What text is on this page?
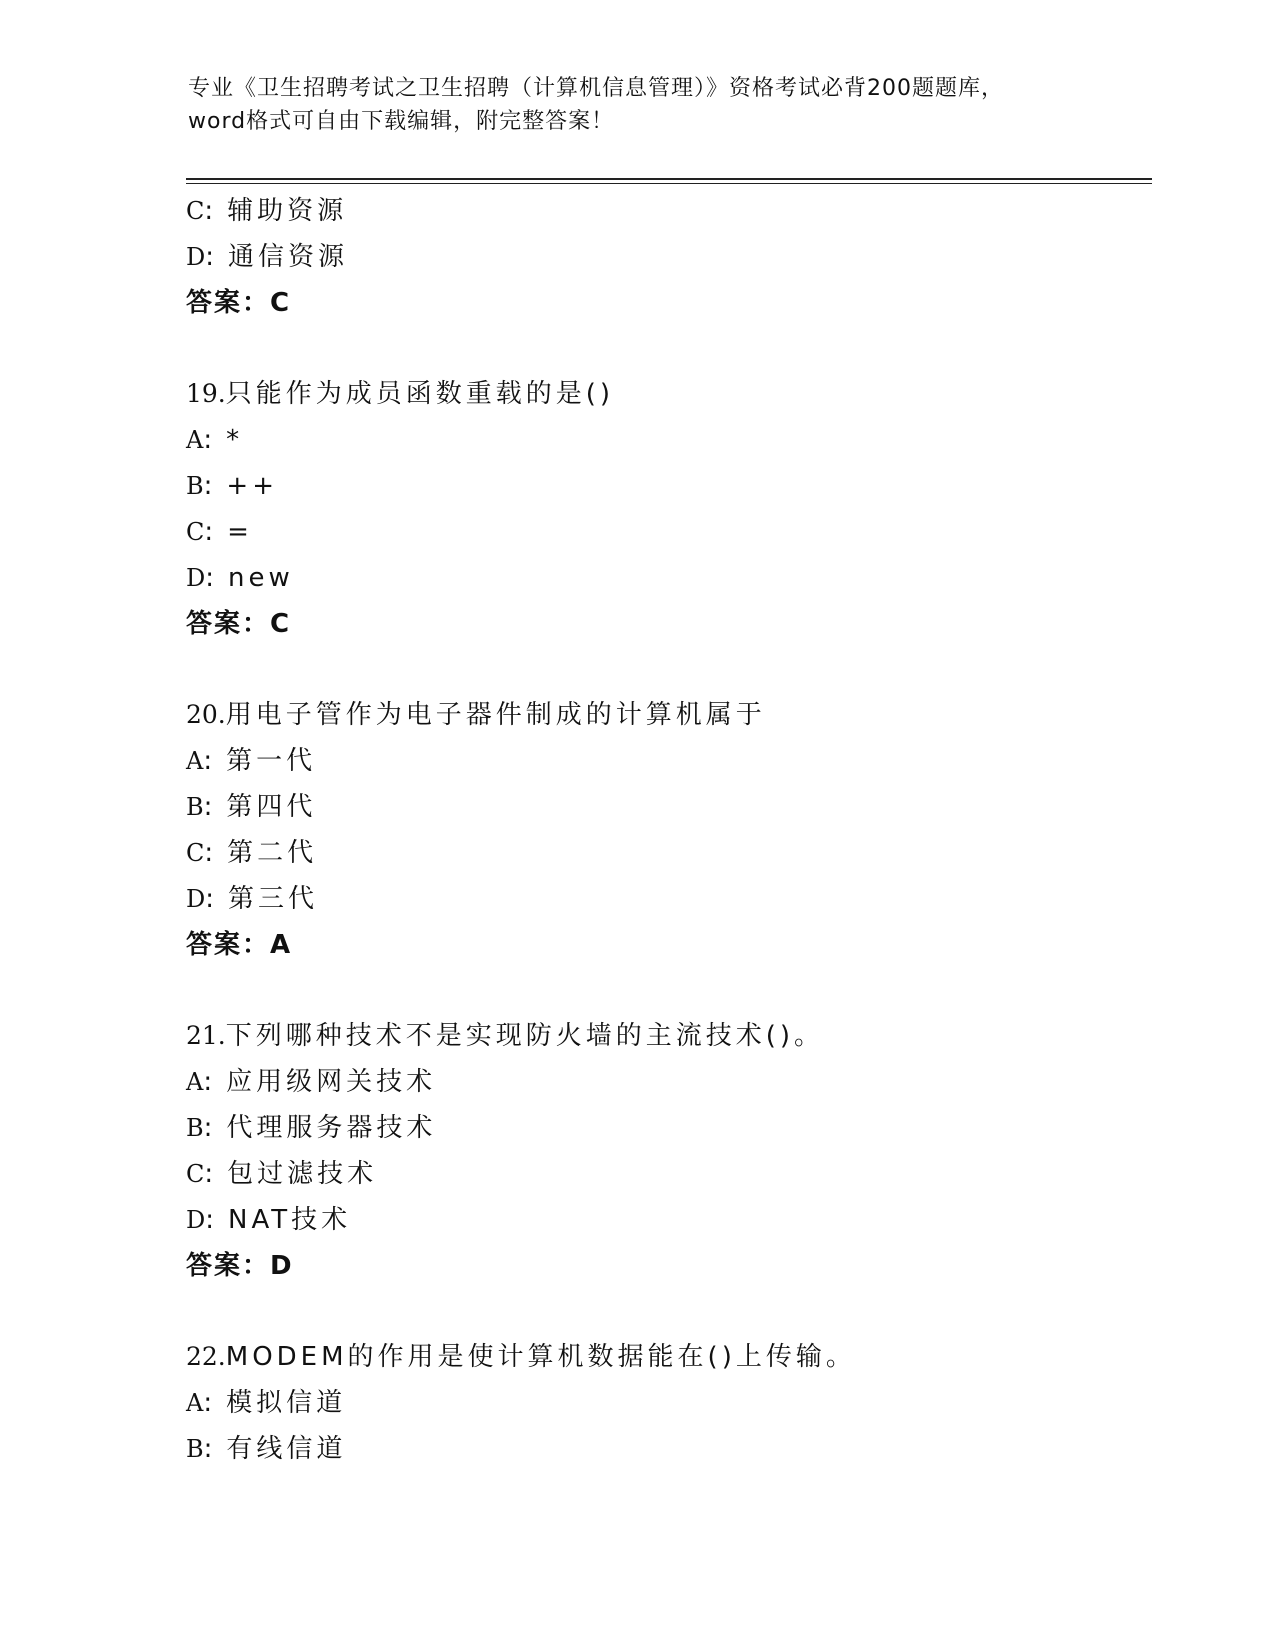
专业《卫生招聘考试之卫生招聘（计算机信息管理）》资格考试必背200题题库，
word格式可自由下载编辑，附完整答案！
C: 辅助资源
D: 通信资源
答案：C
19.只能作为成员函数重载的是()
A: *
B: ++
C: =
D: new
答案：C
20.用电子管作为电子器件制成的计算机属于
A: 第一代
B: 第四代
C: 第二代
D: 第三代
答案：A
21.下列哪种技术不是实现防火墙的主流技术()。
A: 应用级网关技术
B: 代理服务器技术
C: 包过滤技术
D: NAT技术
答案：D
22.MODEM的作用是使计算机数据能在()上传输。
A: 模拟信道
B: 有线信道
